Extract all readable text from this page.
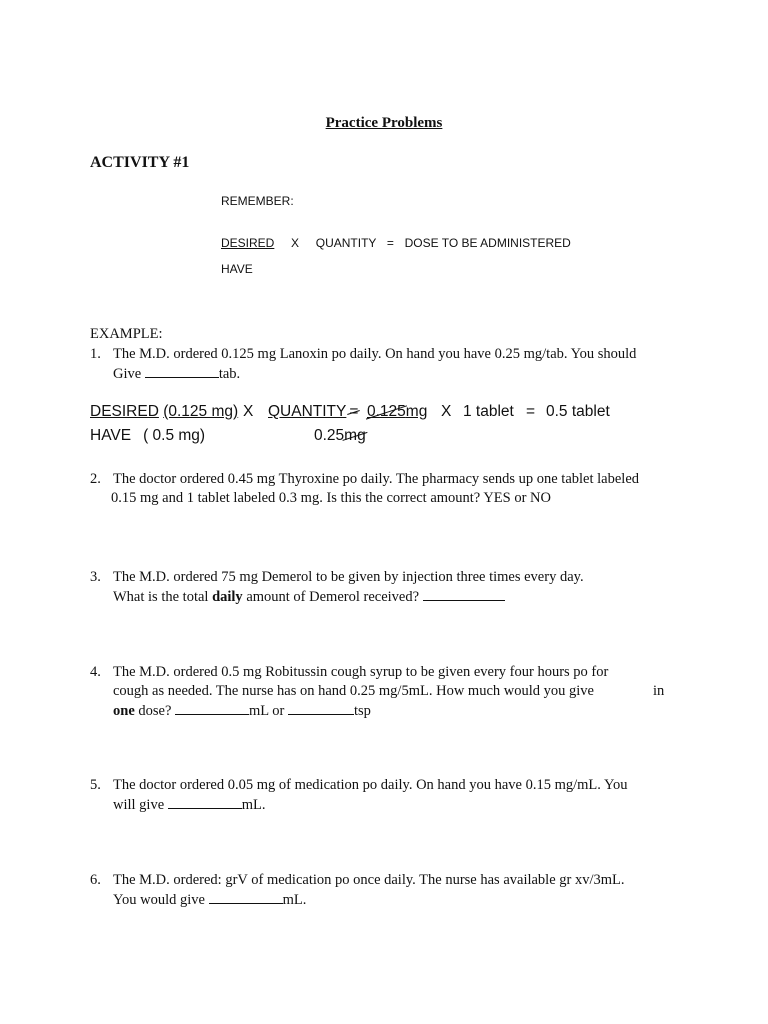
Practice Problems
ACTIVITY #1
REMEMBER:
DESIRED X QUANTITY = DOSE TO BE ADMINISTERED
HAVE
EXAMPLE:
1. The M.D. ordered 0.125 mg Lanoxin po daily. On hand you have 0.25 mg/tab. You should
Give	tab.
DESIRED (0.125 mg) X QUANTITY = 0.125mg X 1 tablet = 0.5 tablet
HAVE ( 0.5 mg)	0.25mg
2. The doctor ordered 0.45 mg Thyroxine po daily. The pharmacy sends up one tablet labeled
0.15 mg and 1 tablet labeled 0.3 mg. Is this the correct amount? YES or NO
3. The M.D. ordered 75 mg Demerol to be given by injection three times every day.
What is the total daily amount of Demerol received?
4. The M.D. ordered 0.5 mg Robitussin cough syrup to be given every four hours po for
cough as needed. The nurse has on hand 0.25 mg/5mL. How much would you give
one dose?	mL or	tsp
in
5. The doctor ordered 0.05 mg of medication po daily. On hand you have 0.15 mg/mL. You
will give	mL.
6. The M.D. ordered: grV of medication po once daily. The nurse has available gr xv/3mL.
You would give	mL.
